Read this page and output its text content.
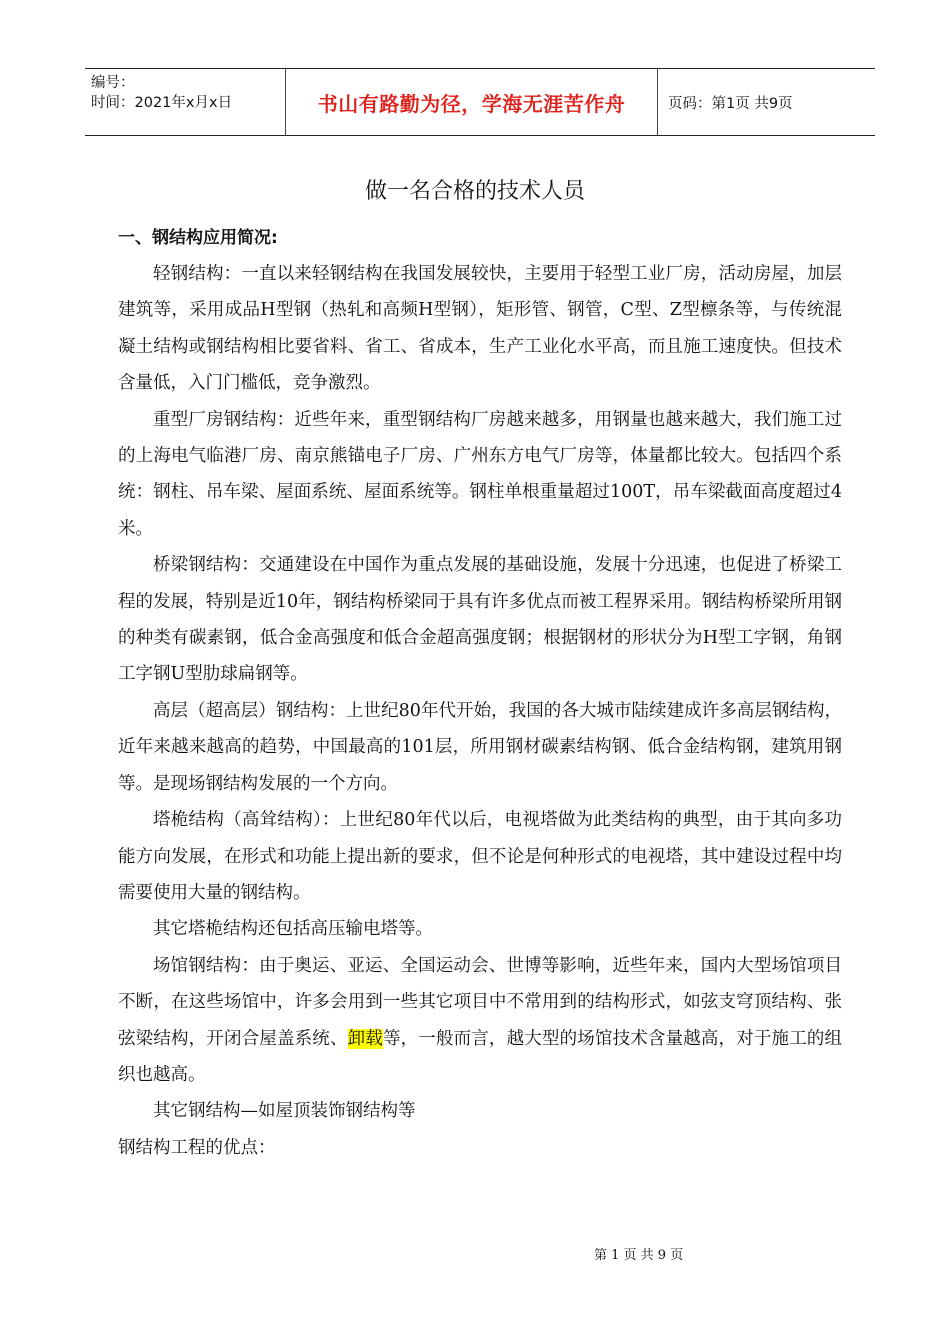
编号：
时间：2021年x月x日	书山有路勤为径，学海无涯苦作舟	页码：第1页 共9页
做一名合格的技术人员

一、钢结构应用简况:

轻钢结构：一直以来轻钢结构在我国发展较快，主要用于轻型工业厂房，活动房屋，加层建筑等，采用成品H型钢（热轧和高频H型钢），矩形管、钢管，C型、Z型檩条等，与传统混凝土结构或钢结构相比要省料、省工、省成本，生产工业化水平高，而且施工速度快。但技术含量低，入门门槛低，竞争激烈。

重型厂房钢结构：近些年来，重型钢结构厂房越来越多，用钢量也越来越大，我们施工过的上海电气临港厂房、南京熊锚电子厂房、广州东方电气厂房等，体量都比较大。包括四个系统：钢柱、吊车梁、屋面系统、屋面系统等。钢柱单根重量超过100T，吊车梁截面高度超过4米。

桥梁钢结构：交通建设在中国作为重点发展的基础设施，发展十分迅速，也促进了桥梁工程的发展，特别是近10年，钢结构桥梁同于具有许多优点而被工程界采用。钢结构桥梁所用钢的种类有碳素钢，低合金高强度和低合金超高强度钢；根据钢材的形状分为H型工字钢，角钢工字钢U型肋球扁钢等。

高层（超高层）钢结构：上世纪80年代开始，我国的各大城市陆续建成许多高层钢结构，近年来越来越高的趋势，中国最高的101层，所用钢材碳素结构钢、低合金结构钢，建筑用钢等。是现场钢结构发展的一个方向。

塔桅结构（高耸结构）：上世纪80年代以后，电视塔做为此类结构的典型，由于其向多功能方向发展，在形式和功能上提出新的要求，但不论是何种形式的电视塔，其中建设过程中均需要使用大量的钢结构。

其它塔桅结构还包括高压输电塔等。

场馆钢结构：由于奥运、亚运、全国运动会、世博等影响，近些年来，国内大型场馆项目不断，在这些场馆中，许多会用到一些其它项目中不常用到的结构形式，如弦支穹顶结构、张弦梁结构，开闭合屋盖系统、卸载等，一般而言，越大型的场馆技术含量越高，对于施工的组织也越高。

其它钢结构—如屋顶装饰钢结构等

钢结构工程的优点：

第 1 页 共 9 页
